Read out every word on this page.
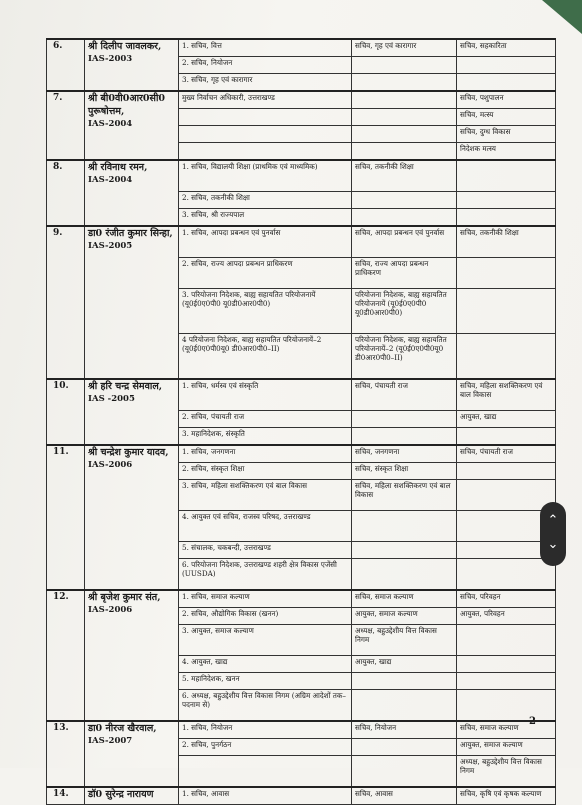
6.	श्री दिलीप जावलकर,
IAS-2003	1. सचिव, वित्त	सचिव, गृह एवं कारागार	सचिव, सहकारिता
		2. सचिव, नियोजन		
		3. सचिव, गृह एवं कारागार		
7.	श्री बी0वी0आर0सी0 पुरूषोत्तम,
IAS-2004	मुख्य निर्वाचन अधिकारी, उत्तराखण्ड		सचिव, पशुपालन
				सचिव, मत्स्य
				सचिव, दुग्ध विकास
				निदेशक मत्स्य
8.	श्री रविनाथ रमन,
IAS-2004	1. सचिव, विद्यालयी शिक्षा (प्राथमिक एवं माध्यमिक)	सचिव, तकनीकी शिक्षा	
		2. सचिव, तकनीकी शिक्षा		
		3. सचिव, श्री राज्यपाल		
9.	डा0 रंजीत कुमार सिन्हा,
IAS-2005	1. सचिव, आपदा प्रबन्धन एवं पुनर्वास	सचिव, आपदा प्रबन्धन एवं पुनर्वास	सचिव, तकनीकी शिक्षा
		2. सचिव, राज्य आपदा प्रबन्धन प्राधिकरण	सचिव, राज्य आपदा प्रबन्धन प्राधिकरण	
		3. परियोजना निदेशक, बाह्य सहायतित परियोजनायें (यू0ई0ए0पी0 यू0डी0आर0पी0)	परियोजना निदेशक, बाह्य सहायतित परियोजनायें (यू0ई0ए0पी0 यू0डी0आर0पी0)	
		4 परियोजना निदेशक, बाह्य सहायतित परियोजनायें–2 (यू0ई0ए0पी0यू0 डी0आर0पी0–II)	परियोजना निदेशक, बाह्य सहायतित परियोजनायें–2 (यू0ई0ए0पी0यू0 डी0आर0पी0–II)	
10.	श्री हरि चन्द्र सेमवाल,
IAS -2005	1. सचिव, धर्मस्व एवं संस्कृति	सचिव, पंचायती राज	सचिव, महिला सशक्तिकरण एवं बाल विकास
		2. सचिव, पंचायती राज		आयुक्त, खाद्य
		3. महानिदेशक, संस्कृति		
11.	श्री चन्द्रेश कुमार यादव,
IAS-2006	1. सचिव, जनगणना	सचिव, जनगणना	सचिव, पंचायती राज
		2. सचिव, संस्कृत शिक्षा	सचिव, संस्कृत शिक्षा	
		3. सचिव, महिला सशक्तिकरण एवं बाल विकास	सचिव, महिला सशक्तिकरण एवं बाल विकास	
		4. आयुक्त एवं सचिव, राजस्व परिषद, उत्तराखण्ड		
		5. संचालक, चकबन्दी, उत्तराखण्ड		
		6. परियोजना निदेशक, उत्तराखण्ड शहरी क्षेत्र विकास एजेंसी (UUSDA)		
12.	श्री बृजेश कुमार संत,
IAS-2006	1. सचिव, समाज कल्याण	सचिव, समाज कल्याण	सचिव, परिवहन
		2. सचिव, औद्योगिक विकास (खनन)	आयुक्त, समाज कल्याण	आयुक्त, परिवहन
		3. आयुक्त, समाज कल्याण	अध्यक्ष, बहुउद्देशीय वित्त विकास निगम	
		4. आयुक्त, खाद्य	आयुक्त, खाद्य	
		5. महानिदेशक, खनन		
		6. अध्यक्ष, बहुउद्देशीय वित्त विकास निगम (अग्रिम आदेशों तक–पदनाम से)		
13.	डा0 नीरज खैरवाल,
IAS-2007	1. सचिव, नियोजन	सचिव, नियोजन	सचिव, समाज कल्याण
		2. सचिव, पुनर्गठन		आयुक्त, समाज कल्याण
				अध्यक्ष, बहुउद्देशीय वित्त विकास निगम
14.	डॉ0 सुरेन्द्र नारायण	1. सचिव, आवास	सचिव, आवास	सचिव, कृषि एवं कृषक कल्याण
2
⌃
⌄
